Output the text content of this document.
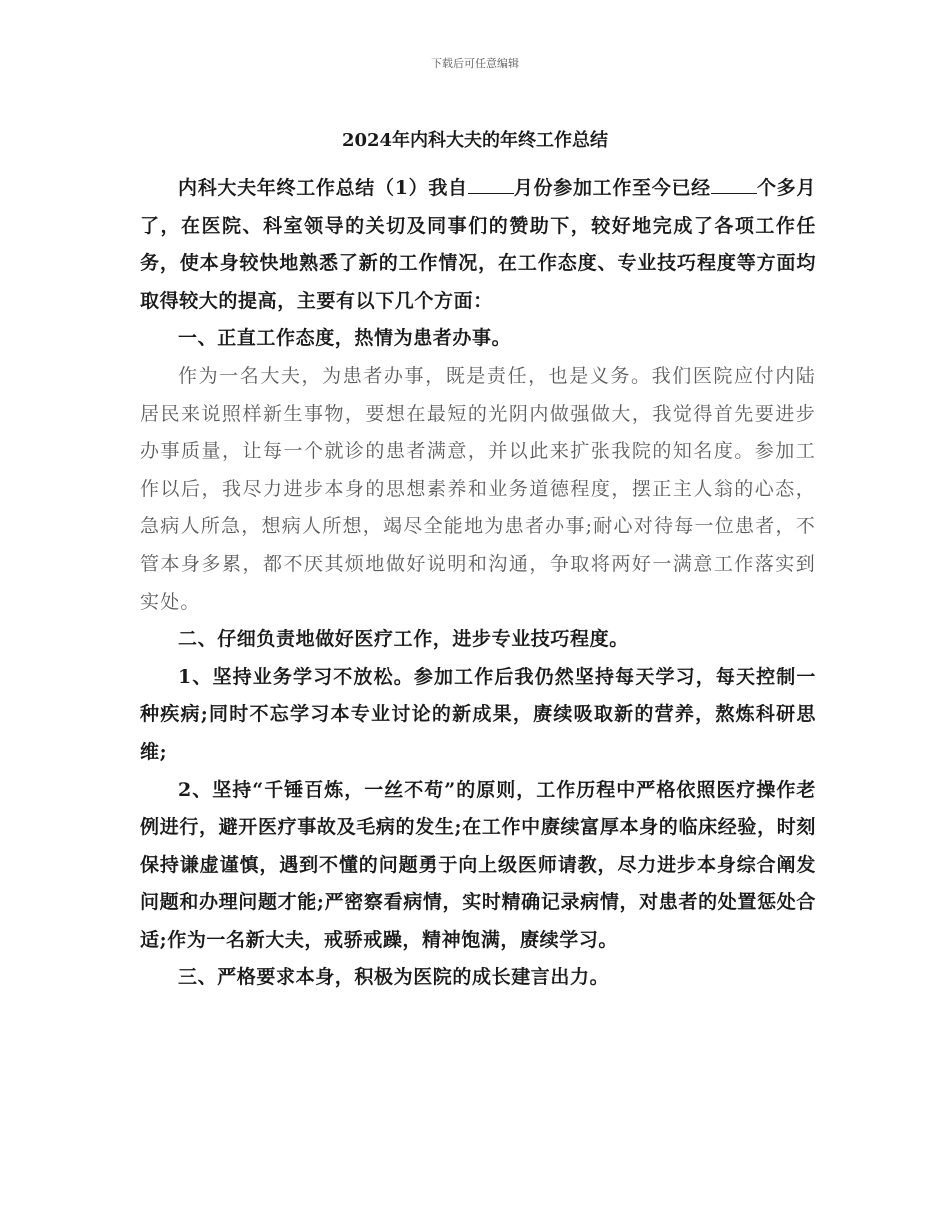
下载后可任意编辑
2024年内科大夫的年终工作总结

内科大夫年终工作总结（1）我自 月份参加工作至今已经 个多月了，在医院、科室领导的关切及同事们的赞助下，较好地完成了各项工作任务，使本身较快地熟悉了新的工作情况，在工作态度、专业技巧程度等方面均取得较大的提高，主要有以下几个方面：

一、正直工作态度，热情为患者办事。

作为一名大夫，为患者办事，既是责任，也是义务。我们医院应付内陆居民来说照样新生事物，要想在最短的光阴内做强做大，我觉得首先要进步办事质量，让每一个就诊的患者满意，并以此来扩张我院的知名度。参加工作以后，我尽力进步本身的思想素养和业务道德程度，摆正主人翁的心态，急病人所急，想病人所想，竭尽全能地为患者办事;耐心对待每一位患者，不管本身多累，都不厌其烦地做好说明和沟通，争取将两好一满意工作落实到实处。

二、仔细负责地做好医疗工作，进步专业技巧程度。

1、坚持业务学习不放松。参加工作后我仍然坚持每天学习，每天控制一种疾病;同时不忘学习本专业讨论的新成果，赓续吸取新的营养，熬炼科研思维;

2、坚持“千锤百炼，一丝不苟”的原则，工作历程中严格依照医疗操作老例进行，避开医疗事故及毛病的发生;在工作中赓续富厚本身的临床经验，时刻保持谦虚谨慎，遇到不懂的问题勇于向上级医师请教，尽力进步本身综合阐发问题和办理问题才能;严密察看病情，实时精确记录病情，对患者的处置惩处合适;作为一名新大夫，戒骄戒躁，精神饱满，赓续学习。

三、严格要求本身，积极为医院的成长建言出力。
